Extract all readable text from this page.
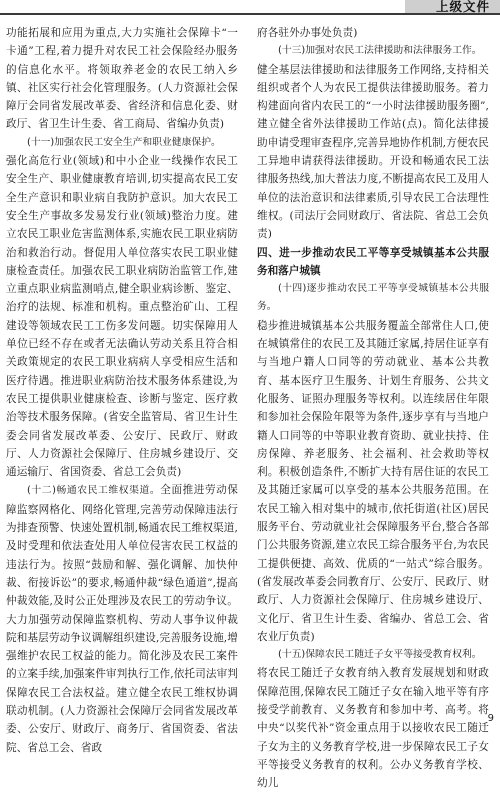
上级文件

功能拓展和应用为重点,大力实施社会保障卡“一卡通”工程,着力提升对农民工社会保险经办服务的信息化水平。将领取养老金的农民工纳入乡镇、社区实行社会化管理服务。(人力资源社会保障厅会同省发展改革委、省经济和信息化委、财政厅、省卫生计生委、省工商局、省编办负责)

(十一)加强农民工安全生产和职业健康保护。

强化高危行业(领域)和中小企业一线操作农民工安全生产、职业健康教育培训,切实提高农民工安全生产意识和职业病自我防护意识。加大农民工安全生产事故多发易发行业(领域)整治力度。建立农民工职业危害监测体系,实施农民工职业病防治和救治行动。督促用人单位落实农民工职业健康检查责任。加强农民工职业病防治监管工作,建立重点职业病监测哨点,健全职业病诊断、鉴定、治疗的法规、标准和机构。重点整治矿山、工程建设等领域农民工工伤多发问题。切实保障用人单位已经不存在或者无法确认劳动关系且符合相关政策规定的农民工职业病病人享受相应生活和医疗待遇。推进职业病防治技术服务体系建设,为农民工提供职业健康检查、诊断与鉴定、医疗救治等技术服务保障。(省安全监管局、省卫生计生委会同省发展改革委、公安厅、民政厅、财政厅、人力资源社会保障厅、住房城乡建设厅、交通运输厅、省国资委、省总工会负责)

(十二)畅通农民工维权渠道。全面推进劳动保障监察网格化、网络化管理,完善劳动保障违法行为排查预警、快速处置机制,畅通农民工维权渠道,及时受理和依法查处用人单位侵害农民工权益的违法行为。按照“鼓励和解、强化调解、加快仲裁、衔接诉讼”的要求,畅通仲裁“绿色通道”,提高仲裁效能,及时公正处理涉及农民工的劳动争议。大力加强劳动保障监察机构、劳动人事争议仲裁院和基层劳动争议调解组织建设,完善服务设施,增强维护农民工权益的能力。简化涉及农民工案件的立案手续,加强案件审判执行工作,依托司法审判保障农民工合法权益。建立健全农民工维权协调联动机制。(人力资源社会保障厅会同省发展改革委、公安厅、财政厅、商务厅、省国资委、省法院、省总工会、省政

府各驻外办事处负责)

(十三)加强对农民工法律援助和法律服务工作。

健全基层法律援助和法律服务工作网络,支持相关组织或者个人为农民工提供法律援助服务。着力构建面向省内农民工的“一小时法律援助服务圈”,建立健全省外法律援助工作站(点)。简化法律援助申请受理审查程序,完善异地协作机制,方便农民工异地申请获得法律援助。开设和畅通农民工法律服务热线,加大普法力度,不断提高农民工及用人单位的法治意识和法律素质,引导农民工合法理性维权。(司法厅会同财政厅、省法院、省总工会负责)

四、进一步推动农民工平等享受城镇基本公共服务和落户城镇

(十四)逐步推动农民工平等享受城镇基本公共服务。

稳步推进城镇基本公共服务覆盖全部常住人口,使在城镇常住的农民工及其随迁家属,持居住证享有与当地户籍人口同等的劳动就业、基本公共教育、基本医疗卫生服务、计划生育服务、公共文化服务、证照办理服务等权利。以连续居住年限和参加社会保险年限等为条件,逐步享有与当地户籍人口同等的中等职业教育资助、就业扶持、住房保障、养老服务、社会福利、社会救助等权利。积极创造条件,不断扩大持有居住证的农民工及其随迁家属可以享受的基本公共服务范围。在农民工输入相对集中的城市,依托街道(社区)居民服务平台、劳动就业社会保障服务平台,整合各部门公共服务资源,建立农民工综合服务平台,为农民工提供便捷、高效、优质的“一站式”综合服务。(省发展改革委会同教育厅、公安厅、民政厅、财政厅、人力资源社会保障厅、住房城乡建设厅、文化厅、省卫生计生委、省编办、省总工会、省农业厅负责)

(十五)保障农民工随迁子女平等接受教育权利。

将农民工随迁子女教育纳入教育发展规划和财政保障范围,保障农民工随迁子女在输入地平等有序接受学前教育、义务教育和参加中考、高考。将中央“以奖代补”资金重点用于以接收农民工随迁子女为主的义务教育学校,进一步保障农民工子女平等接受义务教育的权利。公办义务教育学校、幼儿

9
